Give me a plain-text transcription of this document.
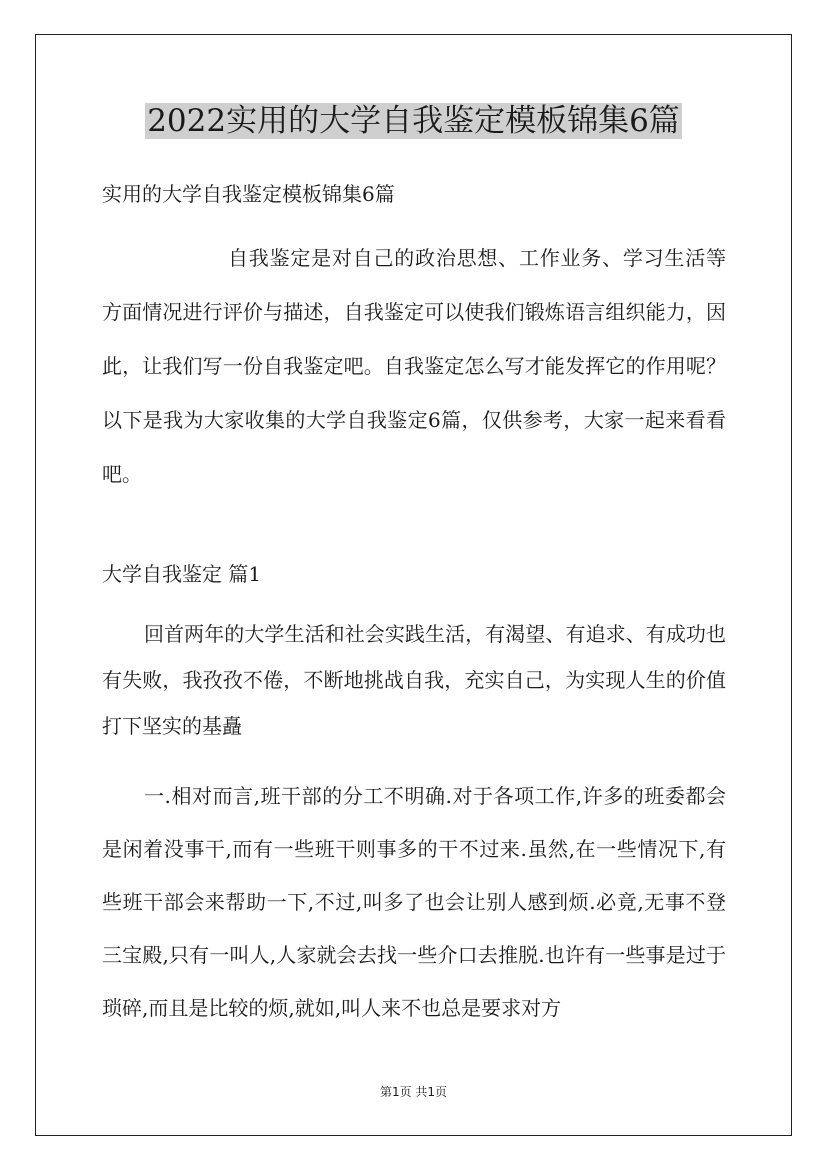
2022实用的大学自我鉴定模板锦集6篇

实用的大学自我鉴定模板锦集6篇

自我鉴定是对自己的政治思想、工作业务、学习生活等方面情况进行评价与描述，自我鉴定可以使我们锻炼语言组织能力，因此，让我们写一份自我鉴定吧。自我鉴定怎么写才能发挥它的作用呢？以下是我为大家收集的大学自我鉴定6篇，仅供参考，大家一起来看看吧。

大学自我鉴定 篇1

回首两年的大学生活和社会实践生活，有渴望、有追求、有成功也有失败，我孜孜不倦，不断地挑战自我，充实自己，为实现人生的价值打下坚实的基矗

一.相对而言,班干部的分工不明确.对于各项工作,许多的班委都会是闲着没事干,而有一些班干则事多的干不过来.虽然,在一些情况下,有些班干部会来帮助一下,不过,叫多了也会让别人感到烦.必竟,无事不登三宝殿,只有一叫人,人家就会去找一些介口去推脱.也许有一些事是过于琐碎,而且是比较的烦,就如,叫人来不也总是要求对方

第1页 共1页
